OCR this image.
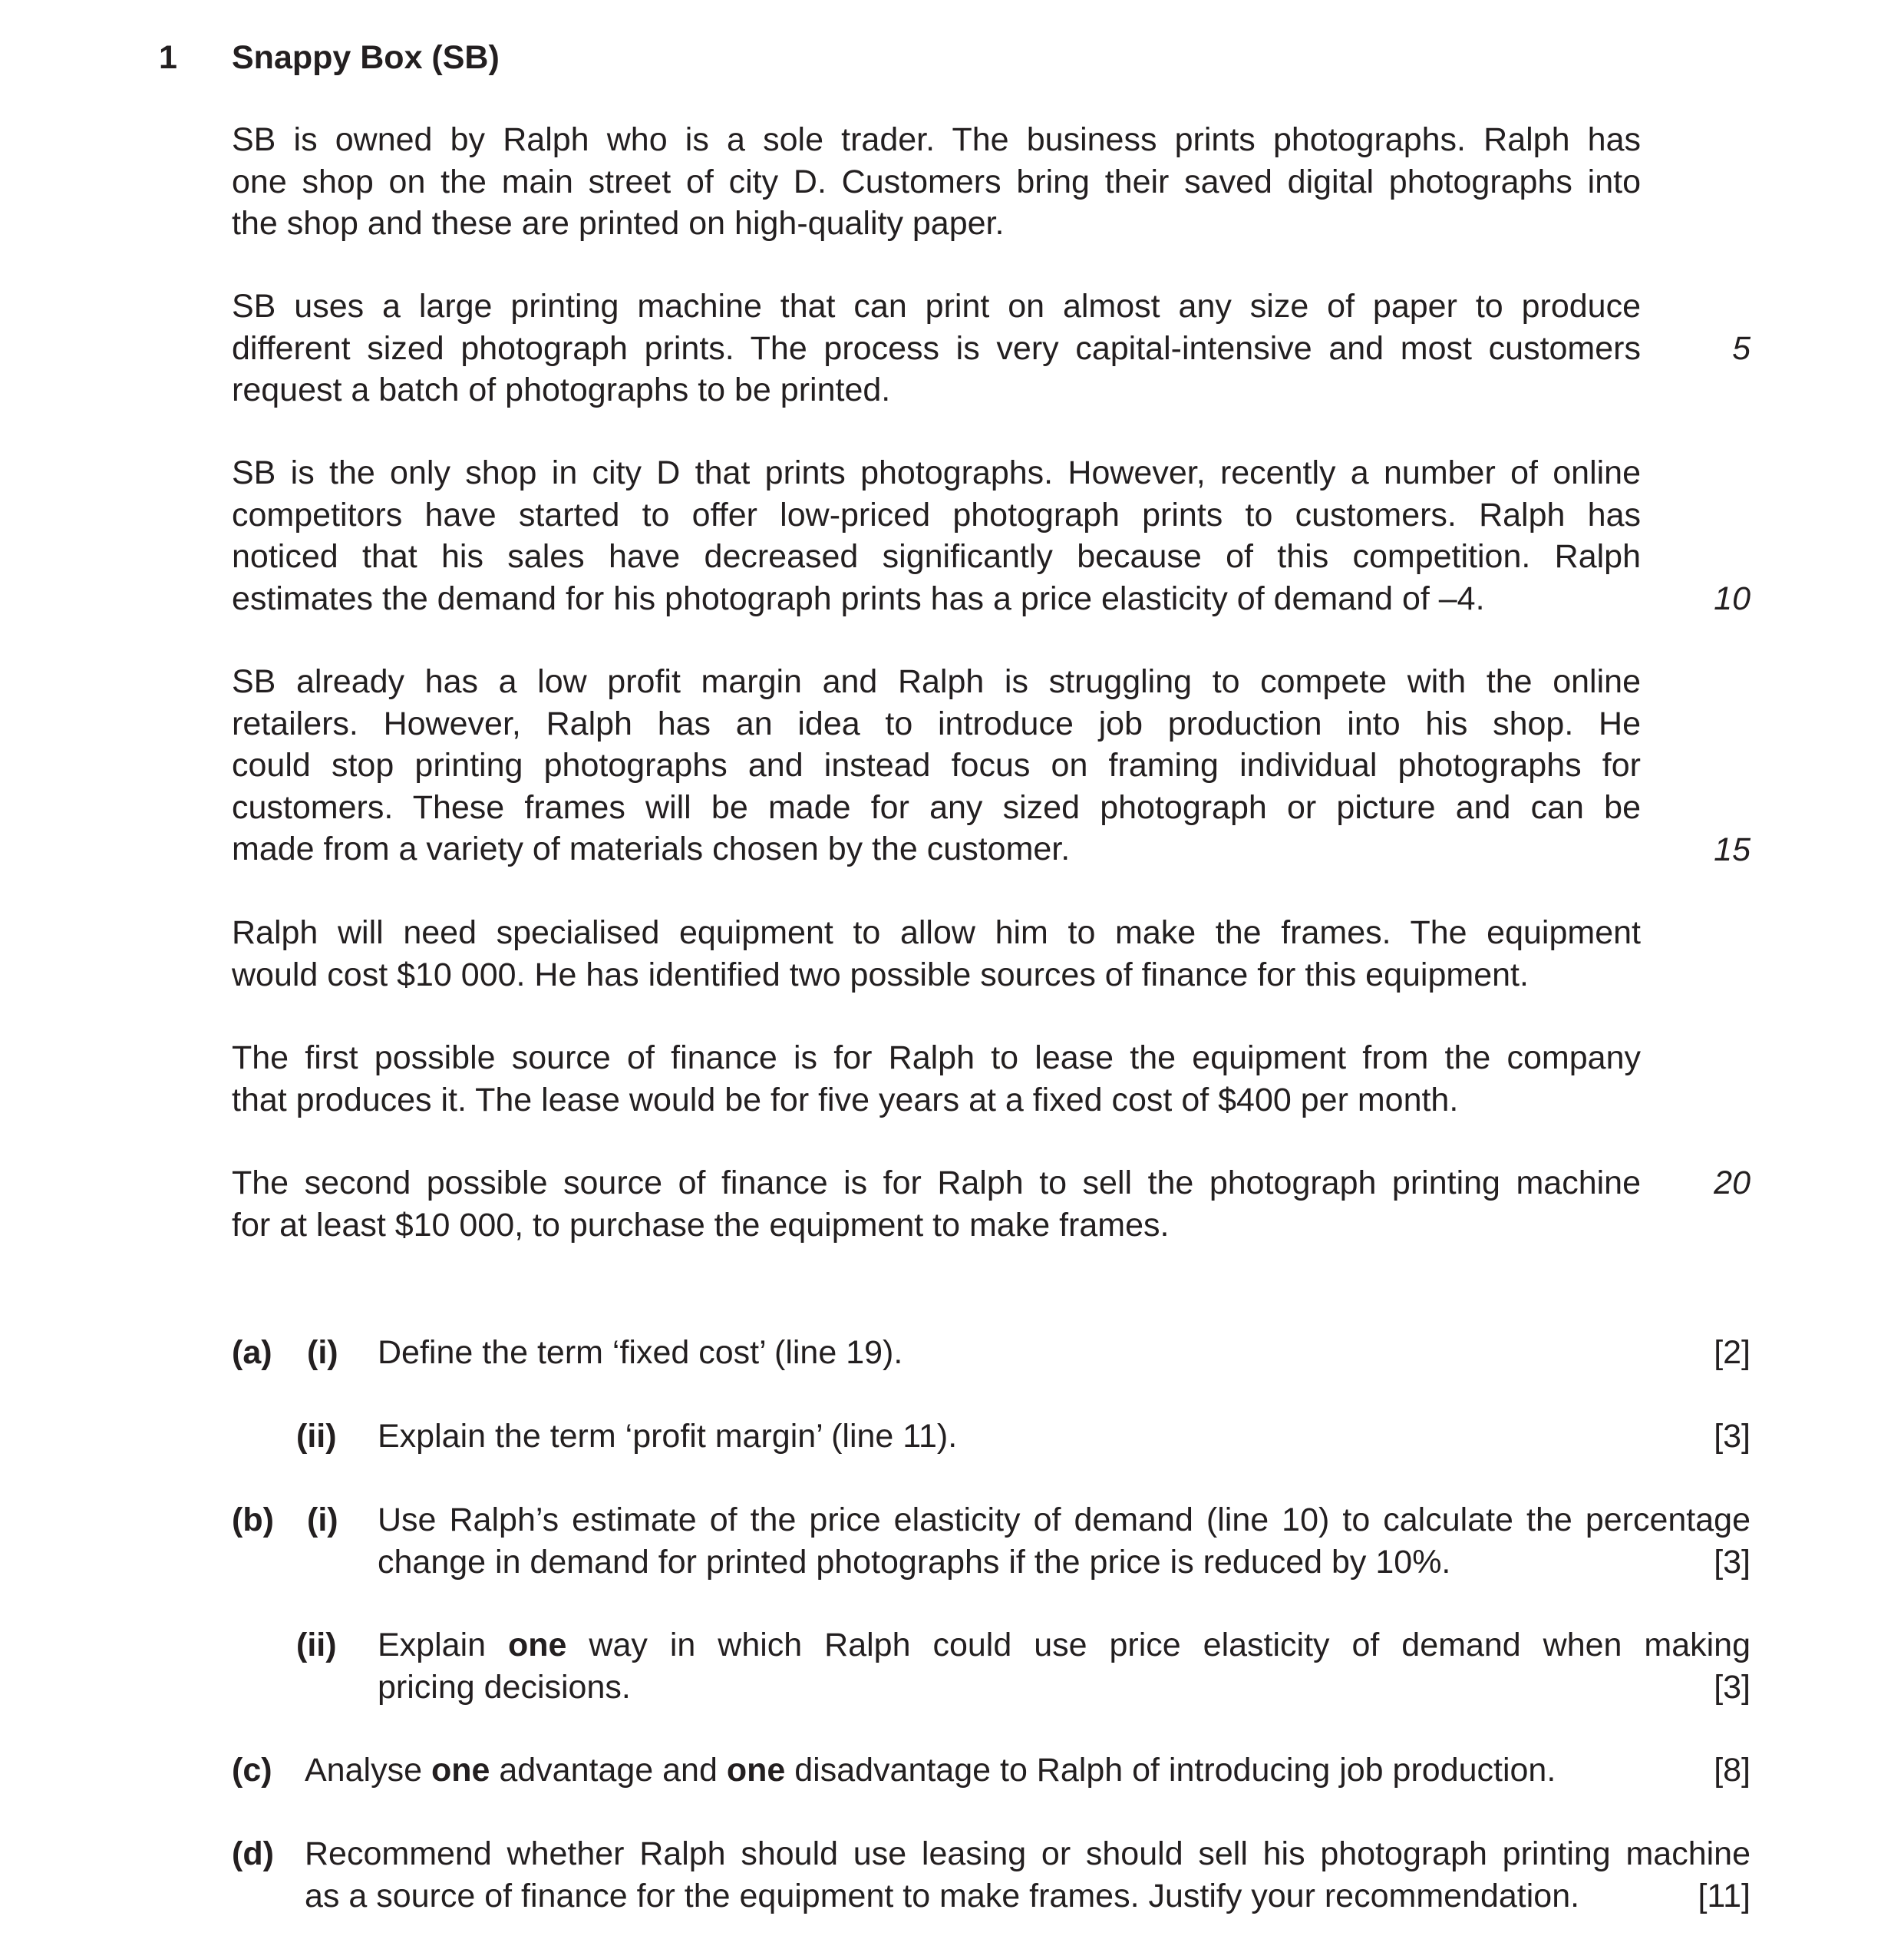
1 Snappy Box (SB)
SB is owned by Ralph who is a sole trader. The business prints photographs. Ralph has
one shop on the main street of city D. Customers bring their saved digital photographs into
the shop and these are printed on high-quality paper.
SB uses a large printing machine that can print on almost any size of paper to produce
different sized photograph prints. The process is very capital-intensive and most customers
request a batch of photographs to be printed.
5
SB is the only shop in city D that prints photographs. However, recently a number of online
competitors have started to offer low-priced photograph prints to customers. Ralph has
noticed that his sales have decreased significantly because of this competition. Ralph
estimates the demand for his photograph prints has a price elasticity of demand of –4.	10
SB already has a low profit margin and Ralph is struggling to compete with the online
retailers. However, Ralph has an idea to introduce job production into his shop. He
could stop printing photographs and instead focus on framing individual photographs for
customers. These frames will be made for any sized photograph or picture and can be
made from a variety of materials chosen by the customer.	15
Ralph will need specialised equipment to allow him to make the frames. The equipment
would cost $10 000. He has identified two possible sources of finance for this equipment.
The first possible source of finance is for Ralph to lease the equipment from the company
that produces it. The lease would be for five years at a fixed cost of $400 per month.
The second possible source of finance is for Ralph to sell the photograph printing machine
for at least $10 000, to purchase the equipment to make frames.
20
(a) (i) Define the term ‘fixed cost’ (line 19).	[2]
(ii) Explain the term ‘profit margin’ (line 11).	[3]
(b) (i) Use Ralph’s estimate of the price elasticity of demand (line 10) to calculate the percentage
change in demand for printed photographs if the price is reduced by 10%.	[3]
(ii) Explain one way in which Ralph could use price elasticity of demand when making
pricing decisions.	[3]
(c) Analyse one advantage and one disadvantage to Ralph of introducing job production.	[8]
(d) Recommend whether Ralph should use leasing or should sell his photograph printing machine
as a source of finance for the equipment to make frames. Justify your recommendation.	[11]
